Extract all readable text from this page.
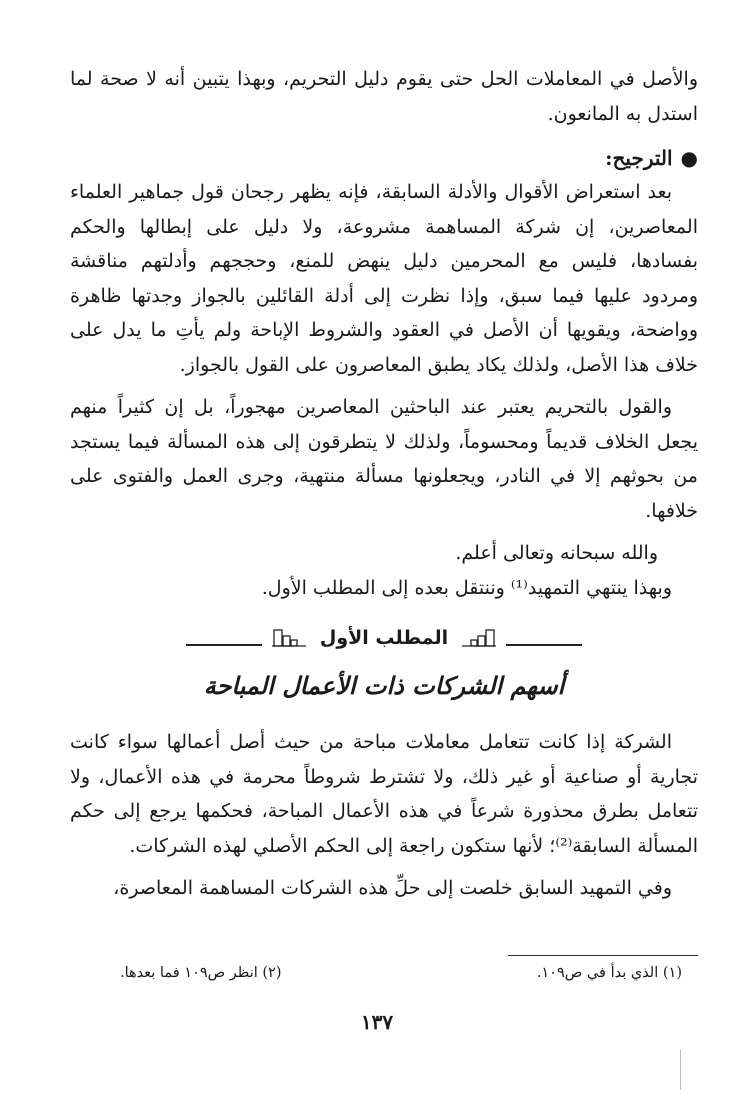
والأصل في المعاملات الحل حتى يقوم دليل التحريم، وبهذا يتبين أنه لا صحة لما استدل به المانعون.

●الترجيح:

بعد استعراض الأقوال والأدلة السابقة، فإنه يظهر رجحان قول جماهير العلماء المعاصرين، إن شركة المساهمة مشروعة، ولا دليل على إبطالها والحكم بفسادها، فليس مع المحرمين دليل ينهض للمنع، وحججهم وأدلتهم مناقشة ومردود عليها فيما سبق، وإذا نظرت إلى أدلة القائلين بالجواز وجدتها ظاهرة وواضحة، ويقويها أن الأصل في العقود والشروط الإباحة ولم يأتِ ما يدل على خلاف هذا الأصل، ولذلك يكاد يطبق المعاصرون على القول بالجواز.

والقول بالتحريم يعتبر عند الباحثين المعاصرين مهجوراً، بل إن كثيراً منهم يجعل الخلاف قديماً ومحسوماً، ولذلك لا يتطرقون إلى هذه المسألة فيما يستجد من بحوثهم إلا في النادر، ويجعلونها مسألة منتهية، وجرى العمل والفتوى على خلافها.

والله سبحانه وتعالى أعلم.

وبهذا ينتهي التمهيد⁽¹⁾ وننتقل بعده إلى المطلب الأول.

المطلب الأول
أسهم الشركات ذات الأعمال المباحة

الشركة إذا كانت تتعامل معاملات مباحة من حيث أصل أعمالها سواء كانت تجارية أو صناعية أو غير ذلك، ولا تشترط شروطاً محرمة في هذه الأعمال، ولا تتعامل بطرق محذورة شرعاً في هذه الأعمال المباحة، فحكمها يرجع إلى حكم المسألة السابقة⁽²⁾؛ لأنها ستكون راجعة إلى الحكم الأصلي لهذه الشركات.

وفي التمهيد السابق خلصت إلى حلِّ هذه الشركات المساهمة المعاصرة،

(١) الذي بدأ في ص١٠٩.
(٢) انظر ص١٠٩ فما بعدها.
١٣٧
